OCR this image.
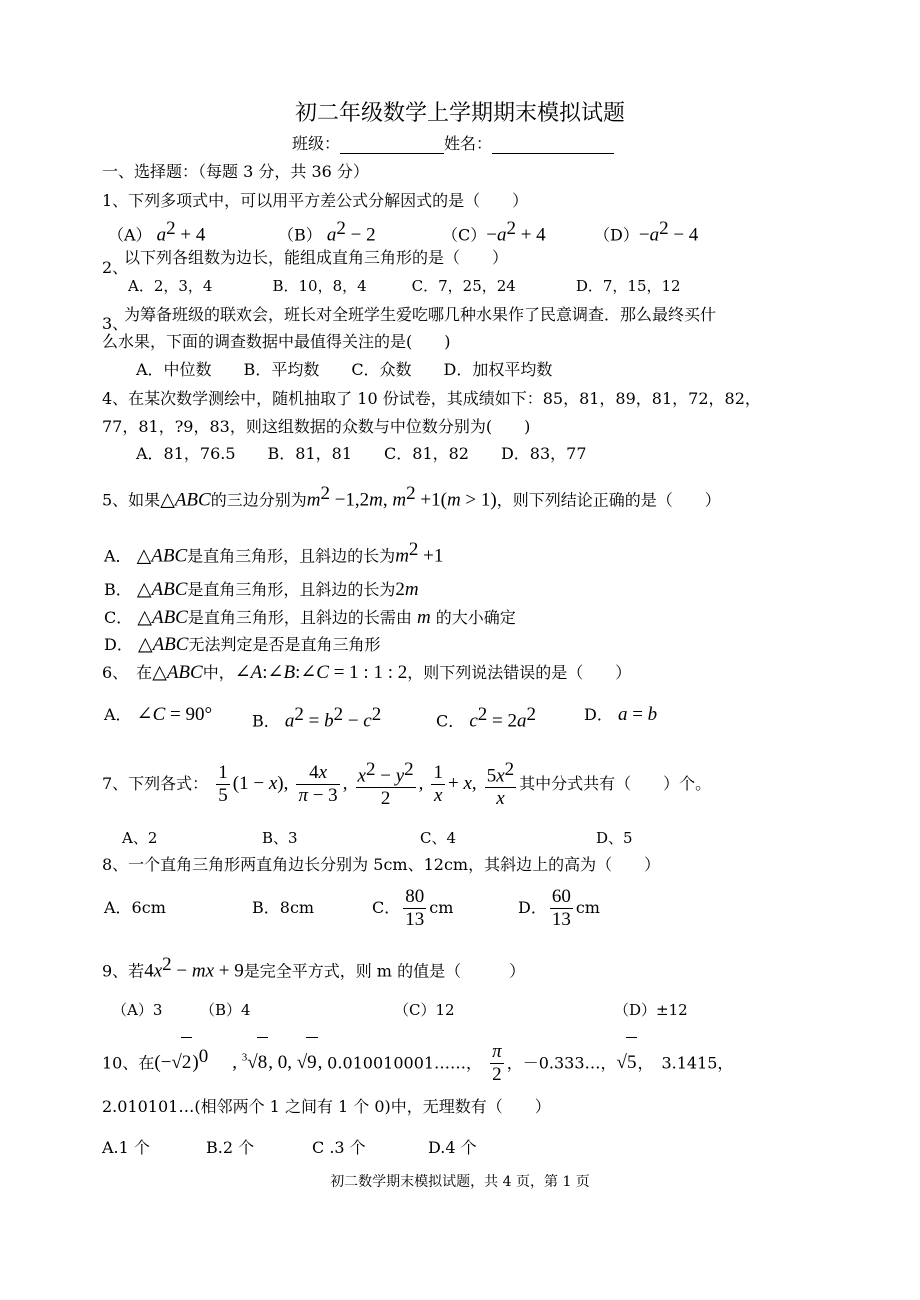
初二年级数学上学期期末模拟试题
班级：	姓名：
一、选择题：（每题 3 分，共 36 分）
1、下列多项式中，可以用平方差公式分解因式的是（　　）
（A） $a^2 + 4$	（B） $a^2 - 2$	$(C)-a^2 + 4$	$(D)-a^2 - 4$
以下列各组数为边长，能组成直角三角形的是（　　）
2、
A．2，3，4　　　　B．10，8，4　　　C．7，25，24　　　　D．7，15，12
为筹备班级的联欢会，班长对全班学生爱吃哪几种水果作了民意调查．那么最终买什
3、
么水果，下面的调查数据中最值得关注的是(　　)
A．中位数　　B．平均数　　C．众数　　D．加权平均数
4、在某次数学测绘中，随机抽取了 10 份试卷，其成绩如下：85，81，89，81，72，82，
77，81，?9，83，则这组数据的众数与中位数分别为(　　)
A．81，76.5　　B．81，81　　C．81，82　　D．83，77
5、如果△ABC的三边分别为$m^2 -1,2m$, $m^2 +1(m > 1)$，则下列结论正确的是（　　）
A． △ABC是直角三角形，且斜边的长为$m^2 +1$
B． △ABC是直角三角形，且斜边的长为2m
C． △ABC是直角三角形，且斜边的长需由 m 的大小确定
D． △ABC无法判定是否是直角三角形
6、　在△ABC中，∠A:∠B:∠C = 1 : 1 : 2，则下列说法错误的是（　　）
A． ∠C = 90° B． $a^2 = b^2 - c^2$	C． $c^2 = 2a^2$	D． a = b
7、下列各式： $\frac{1}{5} (1 - x)$, $\frac{4x}{\pi - 3}$ , $\frac{x^2 - y^2}{2}$ , $\frac{1}{x} + x$, $\frac{5x^2}{x}$ 其中分式共有（　　）个。
A、2	B、3	C、4	D、5
8、一个直角三角形两直角边长分别为 5cm、12cm，其斜边上的高为（　　）
A．6cm	B．8cm	C． $\frac{80}{13}$ cm	D． $\frac{60}{13}$ cm
9、若$4x^2$ − mx + 9是完全平方式，则 m 的值是（　　　）
（A）3	（B）4	（C）12	（D）±12
10、在$(-√2)^0$ 　, $^3$√8, 0, √9, 0.010010001……， $\frac{\pi}{2}$ ，－0.333…，√5，　3.1415，
2.010101…(相邻两个 1 之间有 1 个 0)中，无理数有（　　）
A.1 个	B.2 个	C .3 个	D.4 个
初二数学期末模拟试题，共 4 页，第 1 页
